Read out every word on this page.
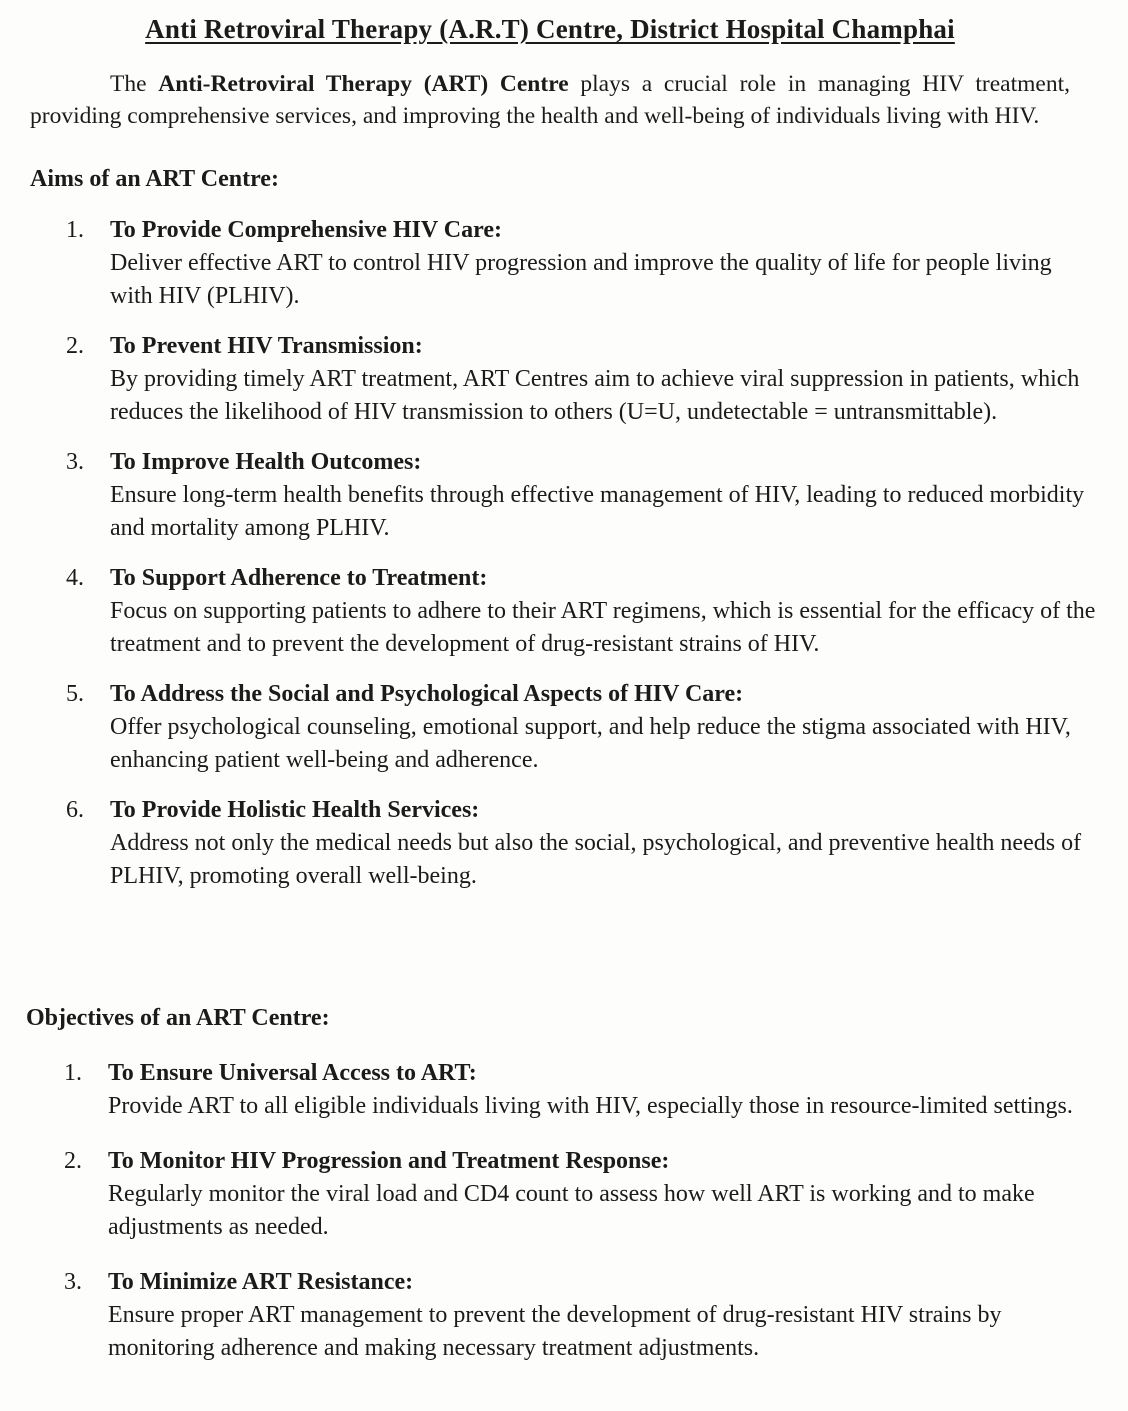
Anti Retroviral Therapy (A.R.T) Centre, District Hospital Champhai

The Anti-Retroviral Therapy (ART) Centre plays a crucial role in managing HIV treatment, providing comprehensive services, and improving the health and well-being of individuals living with HIV.

Aims of an ART Centre:
1. To Provide Comprehensive HIV Care:
Deliver effective ART to control HIV progression and improve the quality of life for people living with HIV (PLHIV).
2. To Prevent HIV Transmission:
By providing timely ART treatment, ART Centres aim to achieve viral suppression in patients, which reduces the likelihood of HIV transmission to others (U=U, undetectable = untransmittable).
3. To Improve Health Outcomes:
Ensure long-term health benefits through effective management of HIV, leading to reduced morbidity and mortality among PLHIV.
4. To Support Adherence to Treatment:
Focus on supporting patients to adhere to their ART regimens, which is essential for the efficacy of the treatment and to prevent the development of drug-resistant strains of HIV.
5. To Address the Social and Psychological Aspects of HIV Care:
Offer psychological counseling, emotional support, and help reduce the stigma associated with HIV, enhancing patient well-being and adherence.
6. To Provide Holistic Health Services:
Address not only the medical needs but also the social, psychological, and preventive health needs of PLHIV, promoting overall well-being.
Objectives of an ART Centre:
1. To Ensure Universal Access to ART:
Provide ART to all eligible individuals living with HIV, especially those in resource-limited settings.
2. To Monitor HIV Progression and Treatment Response:
Regularly monitor the viral load and CD4 count to assess how well ART is working and to make adjustments as needed.
3. To Minimize ART Resistance:
Ensure proper ART management to prevent the development of drug-resistant HIV strains by monitoring adherence and making necessary treatment adjustments.
